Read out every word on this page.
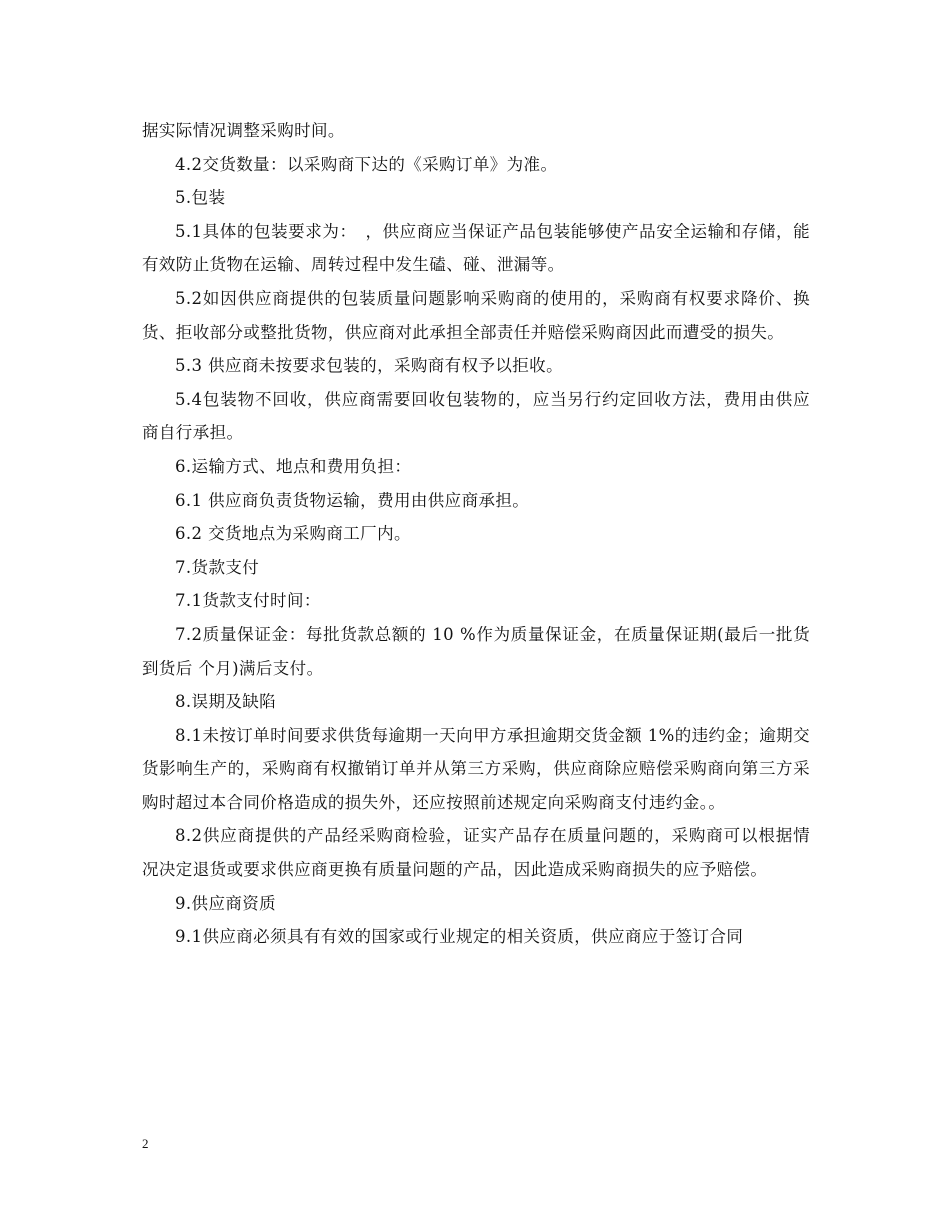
据实际情况调整采购时间。

4.2交货数量：以采购商下达的《采购订单》为准。

5.包装

5.1具体的包装要求为：　，供应商应当保证产品包装能够使产品安全运输和存储，能有效防止货物在运输、周转过程中发生磕、碰、泄漏等。

5.2如因供应商提供的包装质量问题影响采购商的使用的，采购商有权要求降价、换货、拒收部分或整批货物，供应商对此承担全部责任并赔偿采购商因此而遭受的损失。

5.3 供应商未按要求包装的，采购商有权予以拒收。

5.4包装物不回收，供应商需要回收包装物的，应当另行约定回收方法，费用由供应商自行承担。

6.运输方式、地点和费用负担：

6.1 供应商负责货物运输，费用由供应商承担。

6.2 交货地点为采购商工厂内。

7.货款支付

7.1货款支付时间：

7.2质量保证金：每批货款总额的 10 %作为质量保证金，在质量保证期(最后一批货到货后 个月)满后支付。

8.误期及缺陷

8.1未按订单时间要求供货每逾期一天向甲方承担逾期交货金额 1%的违约金；逾期交货影响生产的，采购商有权撤销订单并从第三方采购，供应商除应赔偿采购商向第三方采购时超过本合同价格造成的损失外，还应按照前述规定向采购商支付违约金。。

8.2供应商提供的产品经采购商检验，证实产品存在质量问题的，采购商可以根据情况决定退货或要求供应商更换有质量问题的产品，因此造成采购商损失的应予赔偿。

9.供应商资质

9.1供应商必须具有有效的国家或行业规定的相关资质，供应商应于签订合同

2
